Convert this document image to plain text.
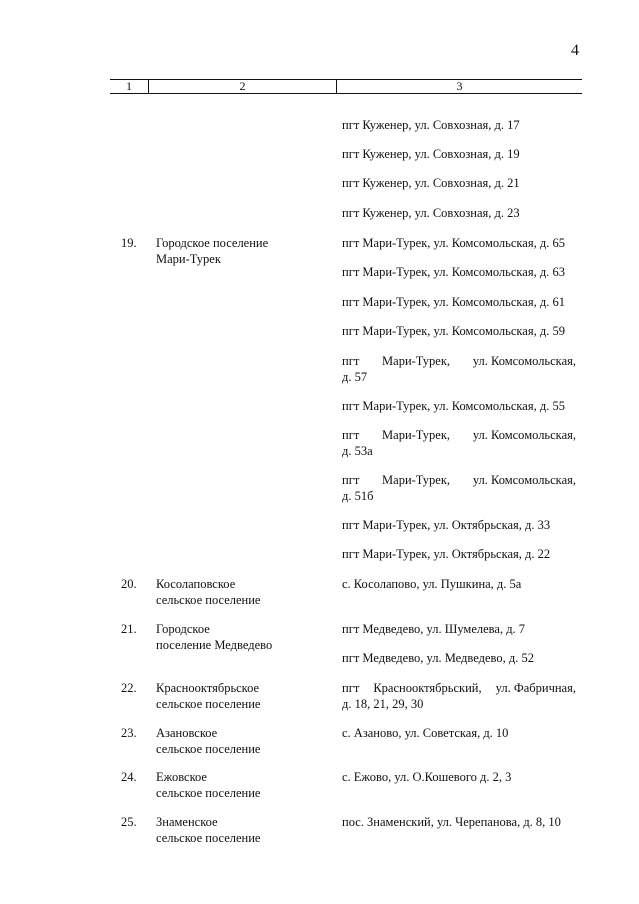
4
1	2	3
пгт Куженер, ул. Совхозная, д. 17
пгт Куженер, ул. Совхозная, д. 19
пгт Куженер, ул. Совхозная, д. 21
пгт Куженер, ул. Совхозная, д. 23
19. Городское поселение
Мари-Турек
пгт Мари-Турек, ул. Комсомольская, д. 65
пгт Мари-Турек, ул. Комсомольская, д. 63
пгт Мари-Турек, ул. Комсомольская, д. 61
пгт Мари-Турек, ул. Комсомольская, д. 59
пгт Мари-Турек, ул. Комсомольская,
д. 57
пгт Мари-Турек, ул. Комсомольская, д. 55
пгт Мари-Турек, ул. Комсомольская,
д. 53а
пгт Мари-Турек, ул. Комсомольская,
д. 51б
пгт Мари-Турек, ул. Октябрьская, д. 33
пгт Мари-Турек, ул. Октябрьская, д. 22
20. Косолаповское
сельское поселение
с. Косолапово, ул. Пушкина, д. 5а
21. Городское
поселение Медведево
пгт Медведево, ул. Шумелева, д. 7
пгт Медведево, ул. Медведево, д. 52
22. Краснооктябрьское
сельское поселение
пгт Краснооктябрьский, ул. Фабричная,
д. 18, 21, 29, 30
23. Азановское
сельское поселение
с. Азаново, ул. Советская, д. 10
24. Ежовское
сельское поселение
с. Ежово, ул. О.Кошевого д. 2, 3
25. Знаменское
сельское поселение
пос. Знаменский, ул. Черепанова, д. 8, 10
